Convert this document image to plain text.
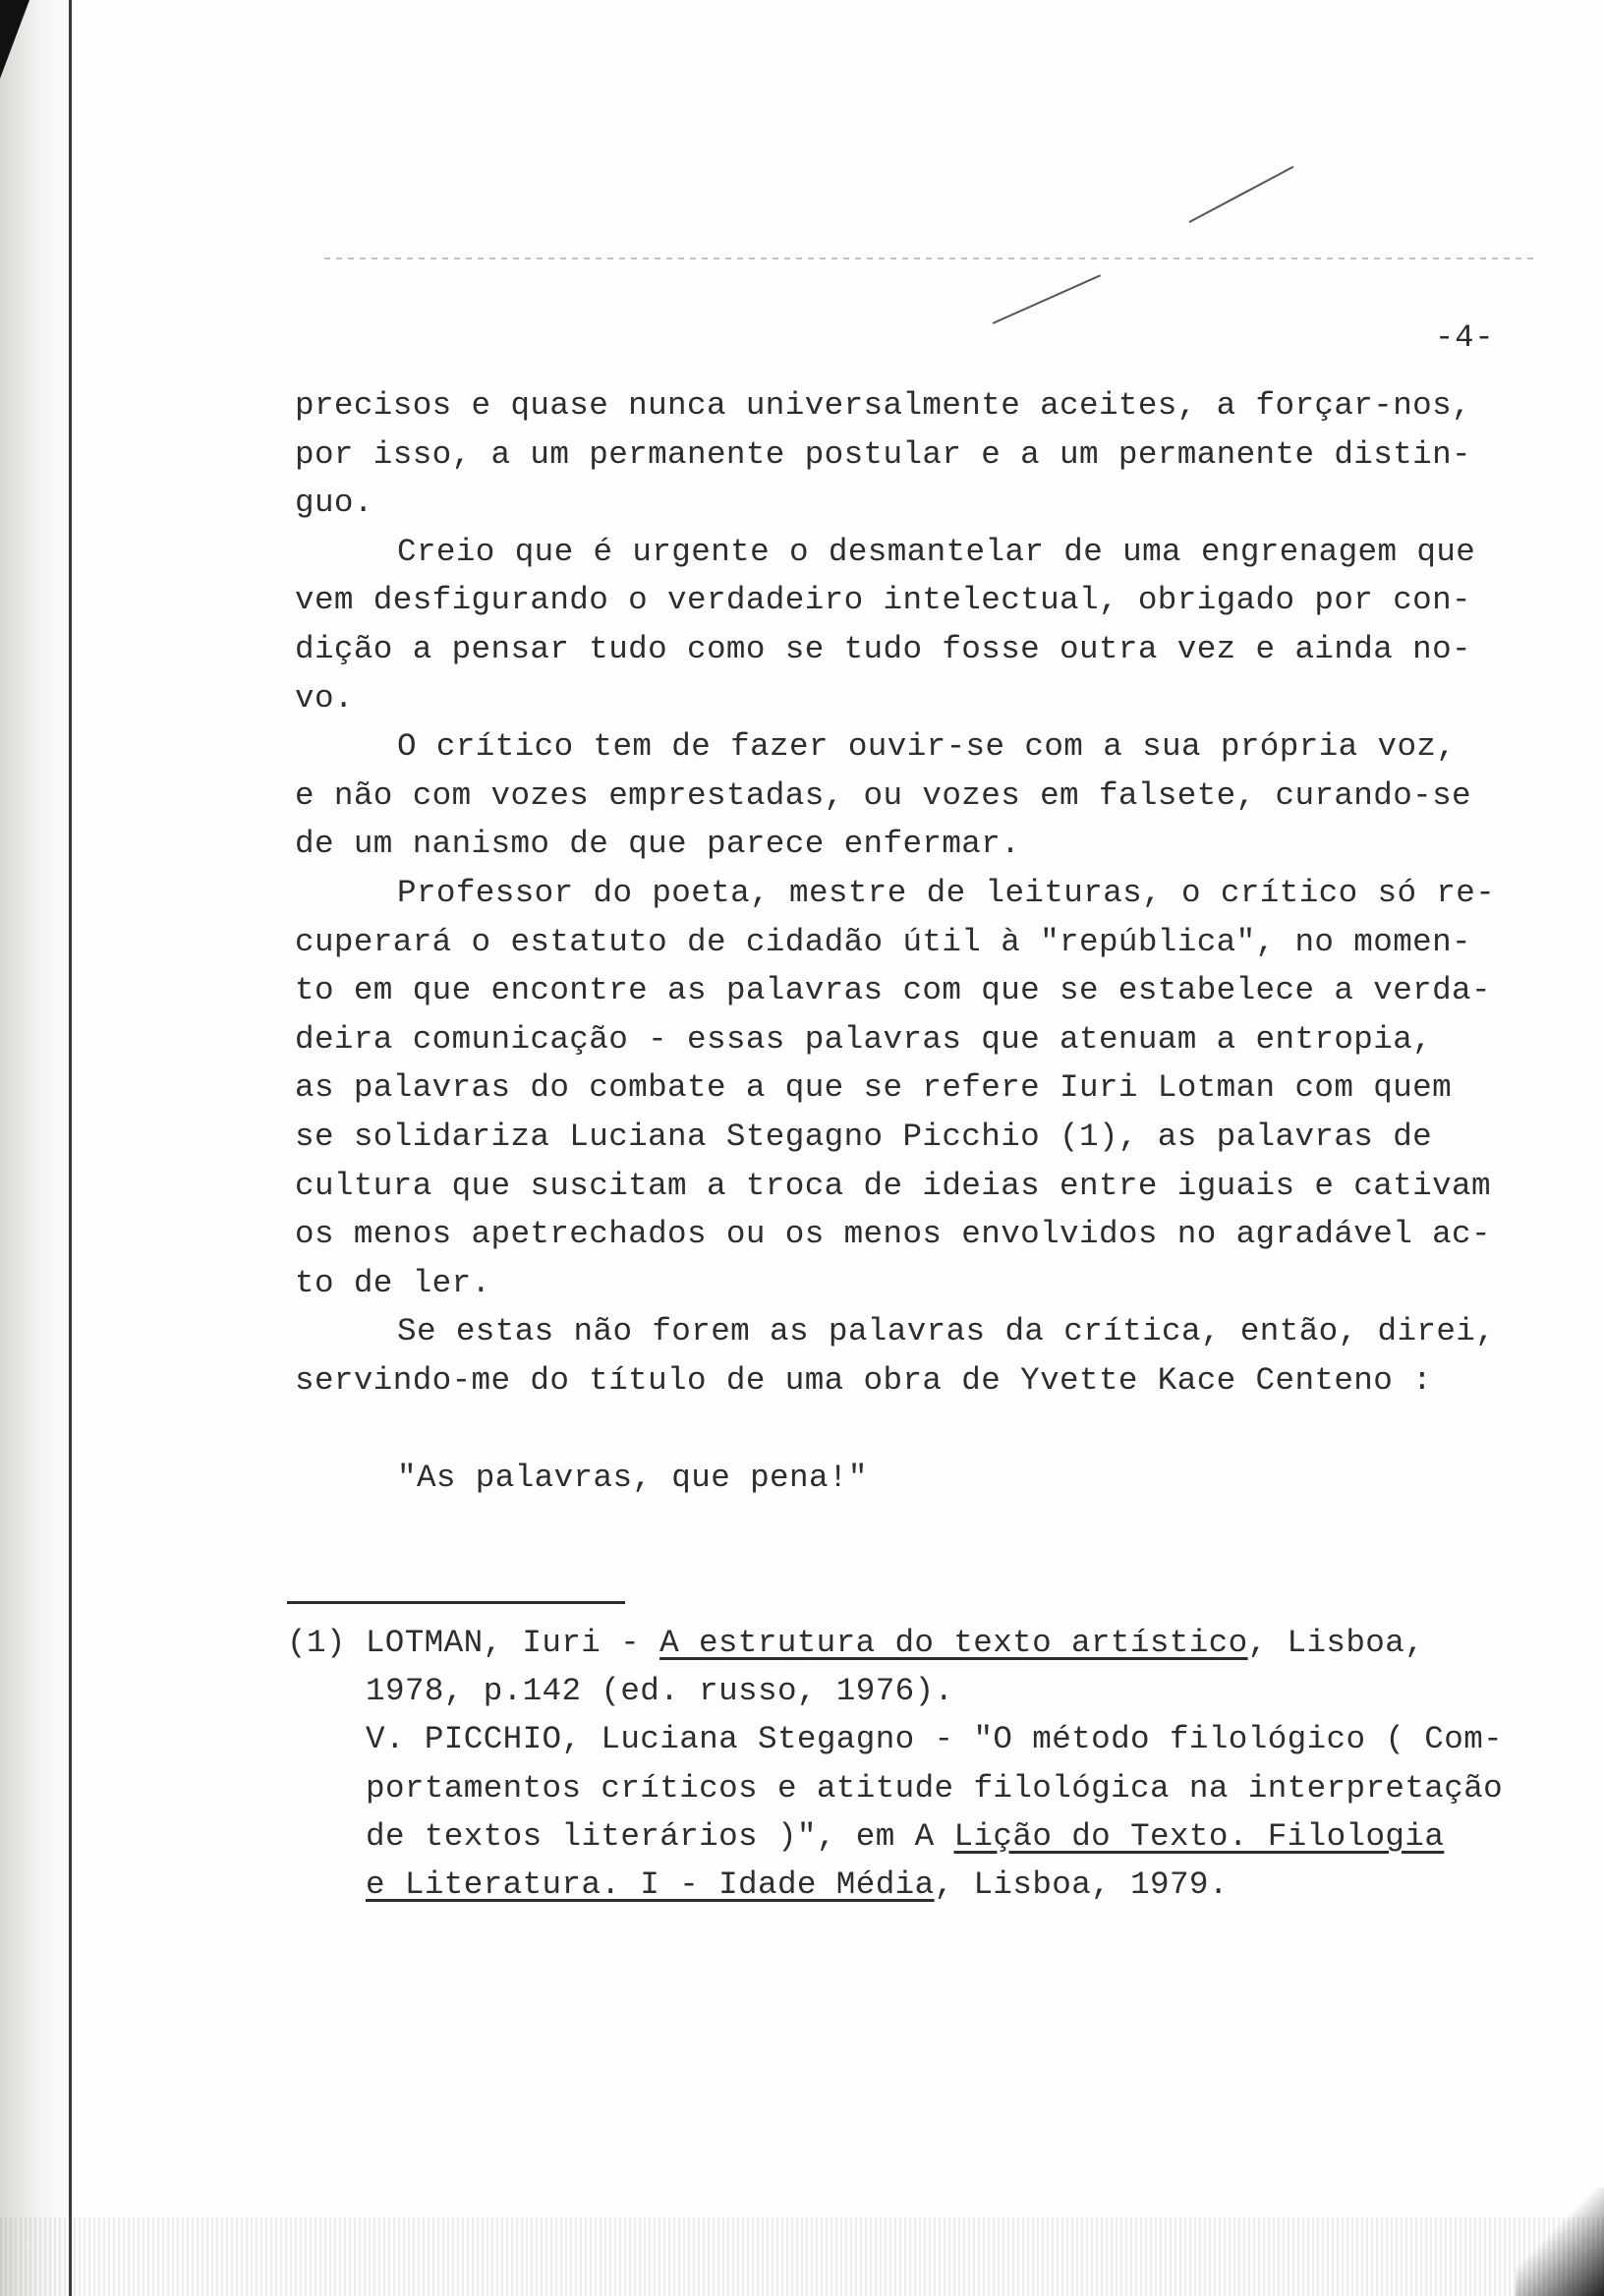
-4-
precisos e quase nunca universalmente aceites, a forçar-nos,
por isso, a um permanente postular e a um permanente distin-
guo.
Creio que é urgente o desmantelar de uma engrenagem que
vem desfigurando o verdadeiro intelectual, obrigado por con-
dição a pensar tudo como se tudo fosse outra vez e ainda no-
vo.
O crítico tem de fazer ouvir-se com a sua própria voz,
e não com vozes emprestadas, ou vozes em falsete, curando-se
de um nanismo de que parece enfermar.
Professor do poeta, mestre de leituras, o crítico só re-
cuperará o estatuto de cidadão útil à "república", no momen-
to em que encontre as palavras com que se estabelece a verda-
deira comunicação - essas palavras que atenuam a entropia,
as palavras do combate a que se refere Iuri Lotman com quem
se solidariza Luciana Stegagno Picchio (1), as palavras de
cultura que suscitam a troca de ideias entre iguais e cativam
os menos apetrechados ou os menos envolvidos no agradável ac-
to de ler.
Se estas não forem as palavras da crítica, então, direi,
servindo-me do título de uma obra de Yvette Kace Centeno :
"As palavras, que pena!"
(1) LOTMAN, Iuri - A estrutura do texto artístico, Lisboa,
1978, p.142 (ed. russo, 1976).
V. PICCHIO, Luciana Stegagno - "O método filológico ( Com-
portamentos críticos e atitude filológica na interpretação
de textos literários )", em A Lição do Texto. Filologia
e Literatura. I - Idade Média, Lisboa, 1979.
